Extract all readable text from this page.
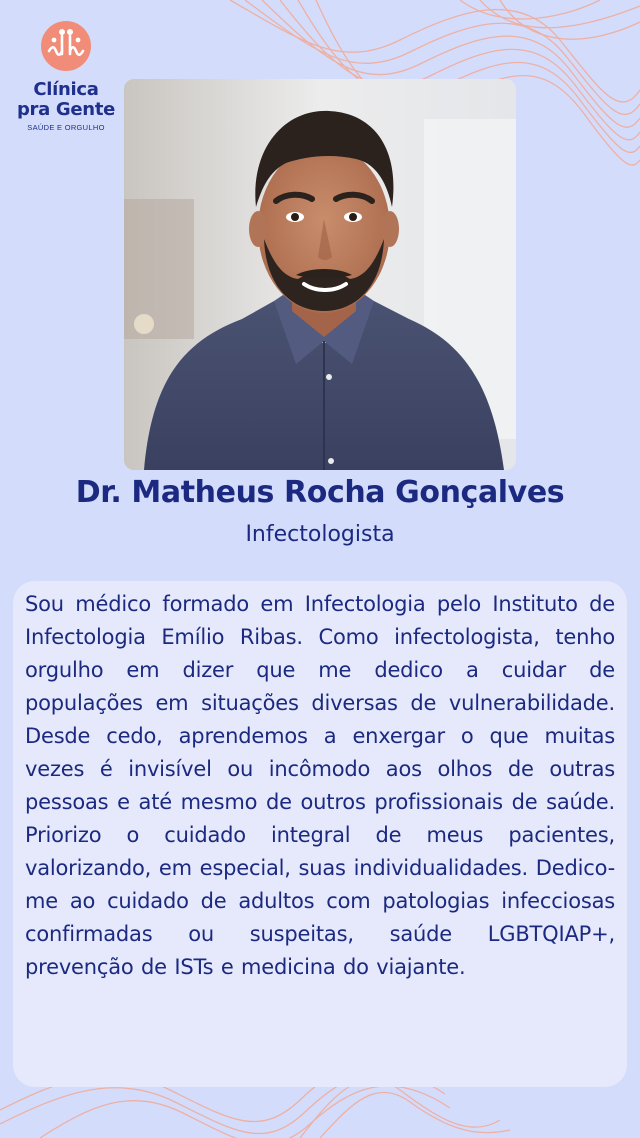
Clínica
pra Gente
SAÚDE E ORGULHO
Dr. Matheus Rocha Gonçalves
Infectologista

Sou médico formado em Infectologia pelo Instituto de Infectologia Emílio Ribas. Como infectologista, tenho orgulho em dizer que me dedico a cuidar de populações em situações diversas de vulnerabilidade. Desde cedo, aprendemos a enxergar o que muitas vezes é invisível ou incômodo aos olhos de outras pessoas e até mesmo de outros profissionais de saúde. Priorizo o cuidado integral de meus pacientes, valorizando, em especial, suas individualidades. Dedico-me ao cuidado de adultos com patologias infecciosas confirmadas ou suspeitas, saúde LGBTQIAP+, prevenção de ISTs e medicina do viajante.
